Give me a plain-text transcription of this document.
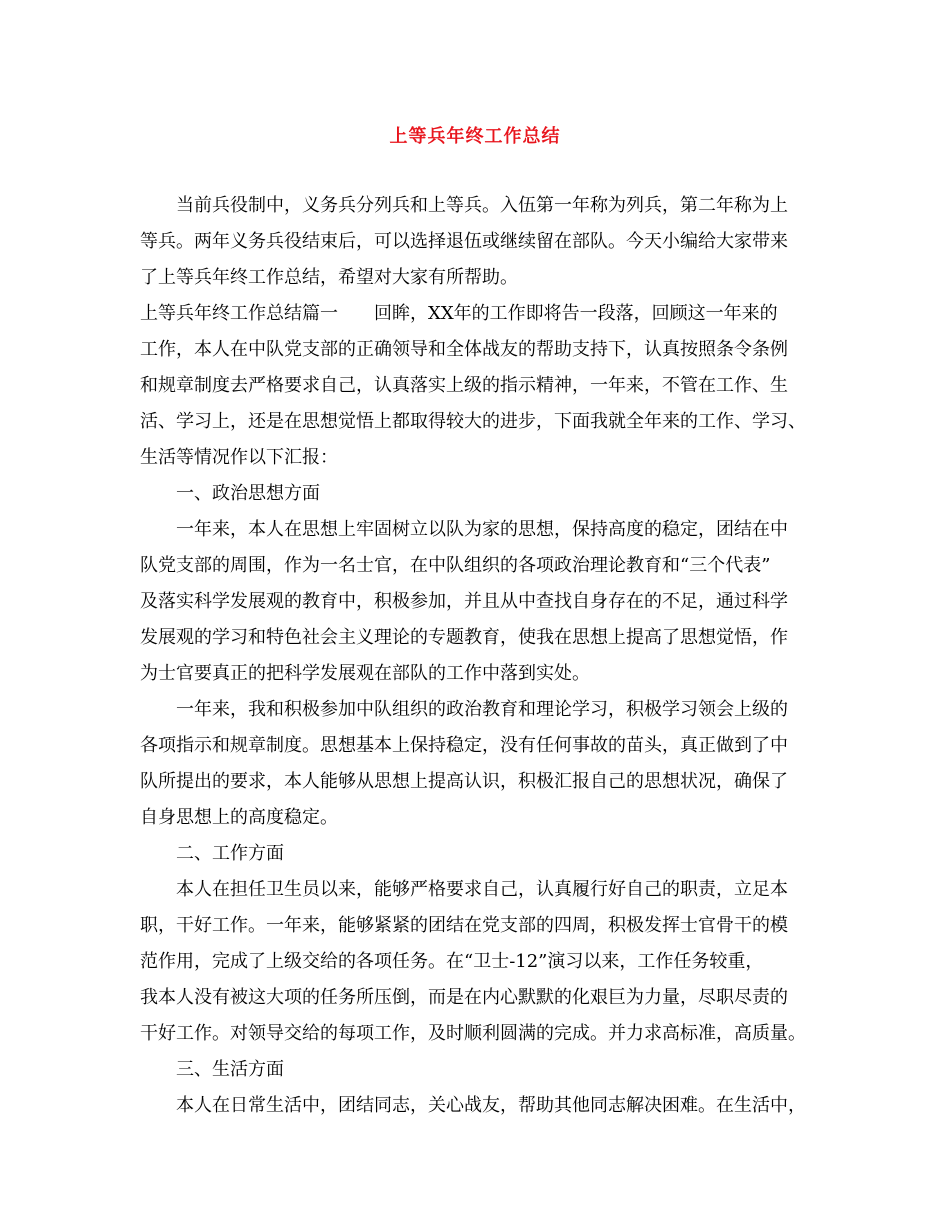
上等兵年终工作总结
当前兵役制中，义务兵分列兵和上等兵。入伍第一年称为列兵，第二年称为上
等兵。两年义务兵役结束后，可以选择退伍或继续留在部队。今天小编给大家带来
了上等兵年终工作总结，希望对大家有所帮助。
上等兵年终工作总结篇一　　回眸，XX年的工作即将告一段落，回顾这一年来的
工作，本人在中队党支部的正确领导和全体战友的帮助支持下，认真按照条令条例
和规章制度去严格要求自己，认真落实上级的指示精神，一年来，不管在工作、生
活、学习上，还是在思想觉悟上都取得较大的进步，下面我就全年来的工作、学习、
生活等情况作以下汇报：
一、政治思想方面
一年来，本人在思想上牢固树立以队为家的思想，保持高度的稳定，团结在中
队党支部的周围，作为一名士官，在中队组织的各项政治理论教育和“三个代表”
及落实科学发展观的教育中，积极参加，并且从中查找自身存在的不足，通过科学
发展观的学习和特色社会主义理论的专题教育，使我在思想上提高了思想觉悟，作
为士官要真正的把科学发展观在部队的工作中落到实处。
一年来，我和积极参加中队组织的政治教育和理论学习，积极学习领会上级的
各项指示和规章制度。思想基本上保持稳定，没有任何事故的苗头，真正做到了中
队所提出的要求，本人能够从思想上提高认识，积极汇报自己的思想状况，确保了
自身思想上的高度稳定。
二、工作方面
本人在担任卫生员以来，能够严格要求自己，认真履行好自己的职责，立足本
职，干好工作。一年来，能够紧紧的团结在党支部的四周，积极发挥士官骨干的模
范作用，完成了上级交给的各项任务。在“卫士-12”演习以来，工作任务较重，
我本人没有被这大项的任务所压倒，而是在内心默默的化艰巨为力量，尽职尽责的
干好工作。对领导交给的每项工作，及时顺利圆满的完成。并力求高标准，高质量。
三、生活方面
本人在日常生活中，团结同志，关心战友，帮助其他同志解决困难。在生活中，
